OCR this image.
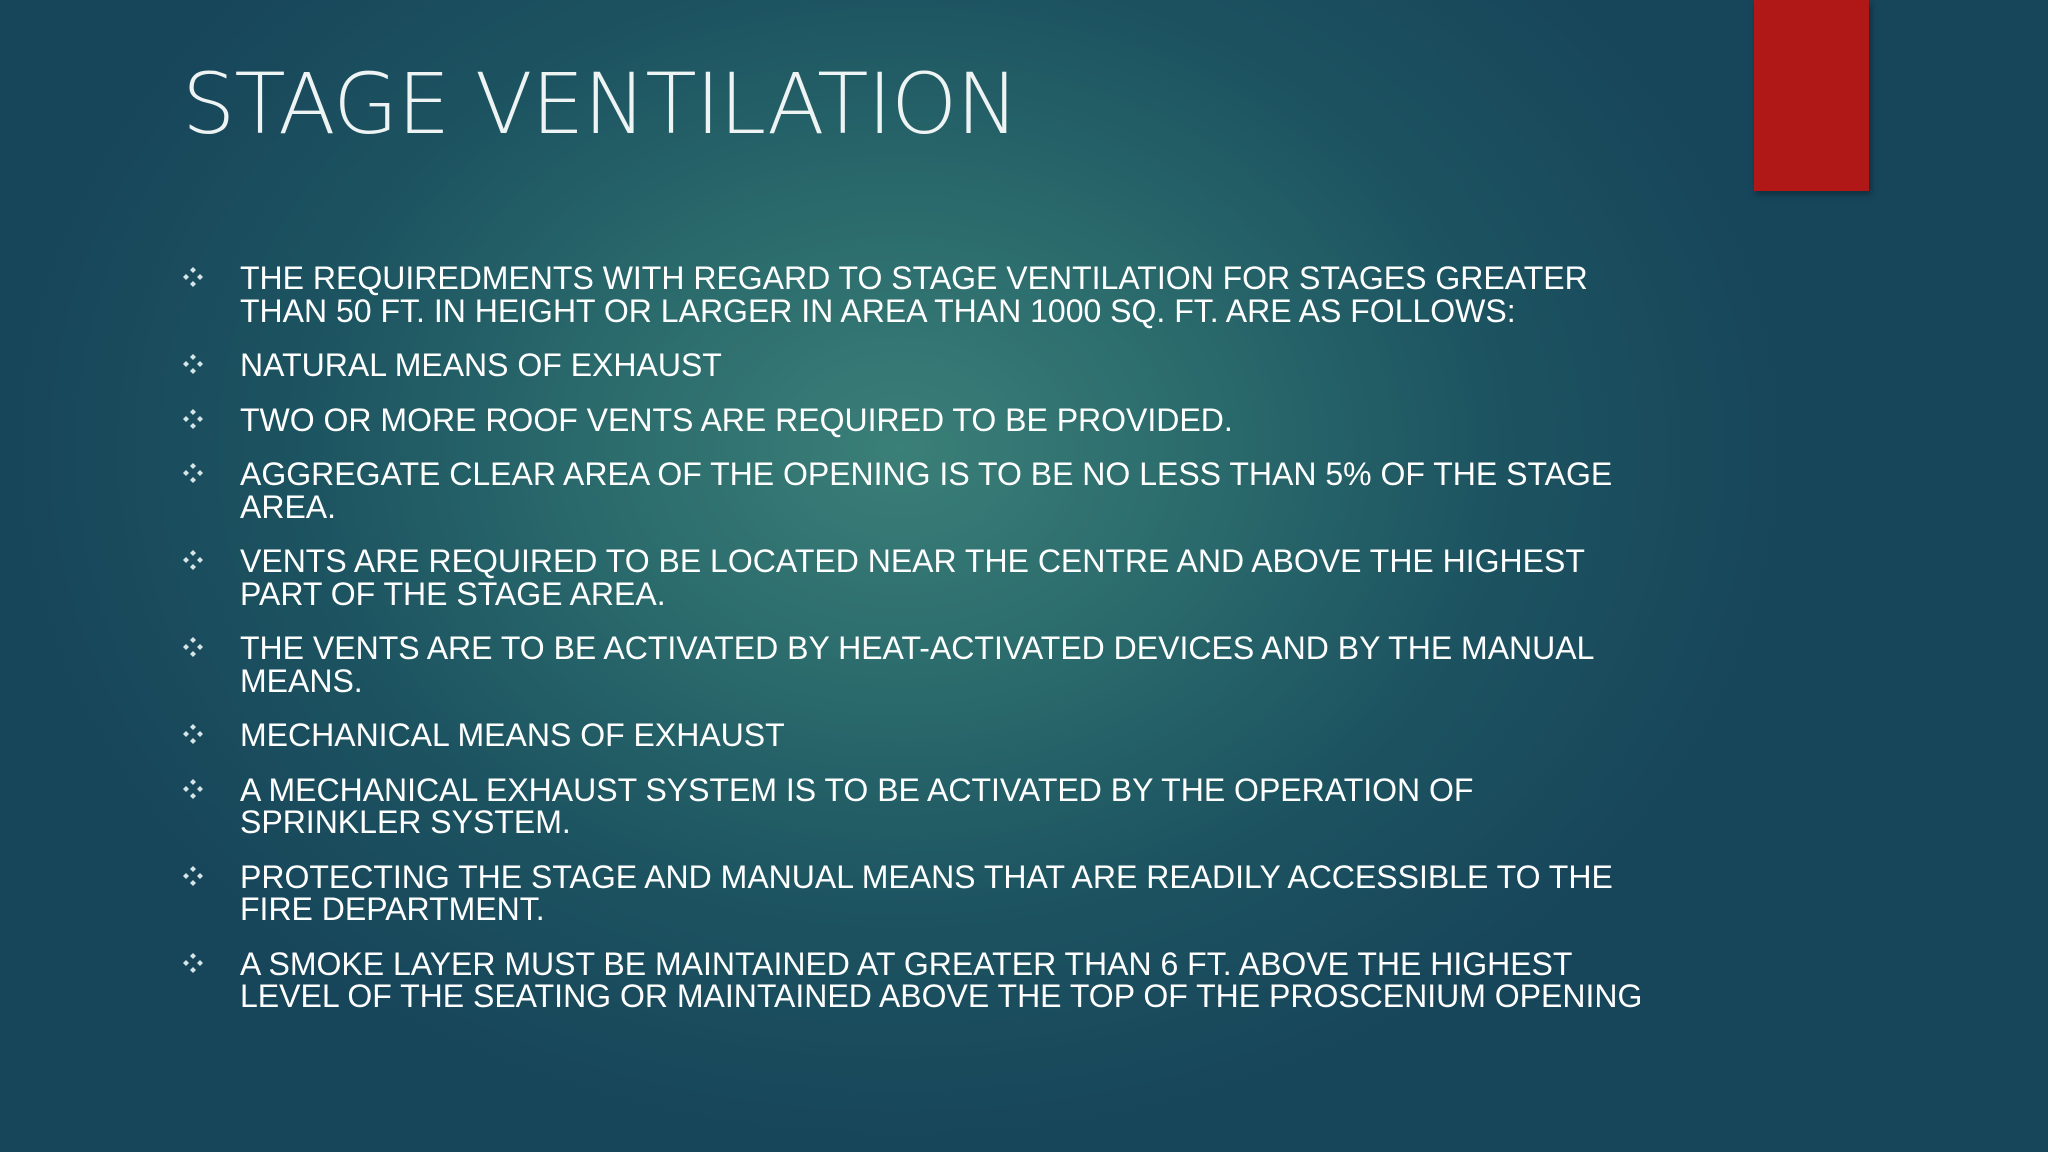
STAGE VENTILATION
THE REQUIREDMENTS WITH REGARD TO STAGE VENTILATION FOR STAGES GREATER THAN 50 FT. IN HEIGHT OR LARGER IN AREA THAN 1000 SQ. FT. ARE AS FOLLOWS:
NATURAL MEANS OF EXHAUST
TWO OR MORE ROOF VENTS ARE REQUIRED TO BE PROVIDED.
AGGREGATE CLEAR AREA OF THE OPENING IS TO BE NO LESS THAN 5% OF THE STAGE AREA.
VENTS ARE REQUIRED TO BE LOCATED NEAR THE CENTRE AND ABOVE THE HIGHEST PART OF THE STAGE AREA.
THE VENTS ARE TO BE ACTIVATED BY HEAT-ACTIVATED DEVICES AND BY THE MANUAL MEANS.
MECHANICAL MEANS OF EXHAUST
A MECHANICAL EXHAUST SYSTEM IS TO BE ACTIVATED BY THE OPERATION OF SPRINKLER SYSTEM.
PROTECTING THE STAGE AND MANUAL MEANS THAT ARE READILY ACCESSIBLE TO THE FIRE DEPARTMENT.
A SMOKE LAYER MUST BE MAINTAINED AT GREATER THAN 6 FT. ABOVE THE HIGHEST LEVEL OF THE SEATING OR MAINTAINED ABOVE THE TOP OF THE PROSCENIUM OPENING
